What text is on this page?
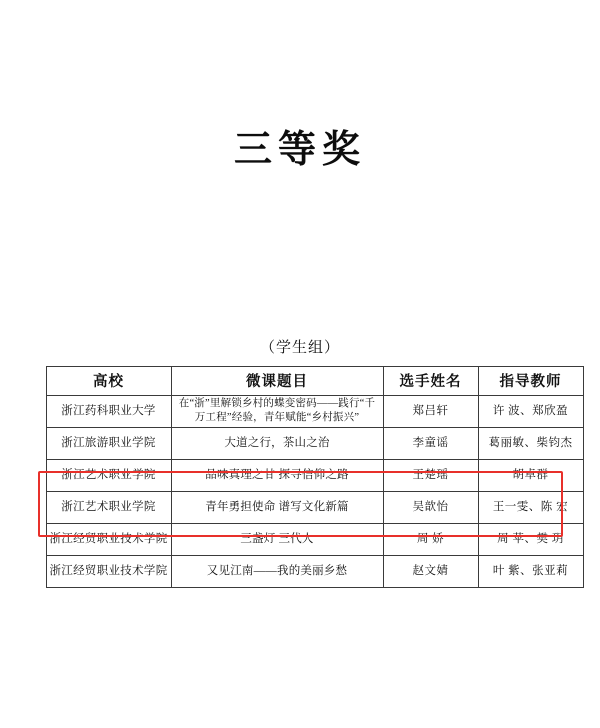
三等奖
（学生组）
高校	微课题目	选手姓名	指导教师
浙江药科职业大学	在“浙”里解锁乡村的蝶变密码——践行“千
万工程”经验，青年赋能“乡村振兴”	郑吕轩	许 波、郑欣盈
浙江旅游职业学院	大道之行，茶山之治	李童谣	葛丽敏、柴钧杰
浙江艺术职业学院	品味真理之甘 探寻信仰之路	王楚瑶	胡卓群
浙江艺术职业学院	青年勇担使命 谱写文化新篇	吴歆怡	王一雯、陈 宏
浙江经贸职业技术学院	三盏灯 三代人	周 娇	周 苹、樊 玥
浙江经贸职业技术学院	又见江南——我的美丽乡愁	赵文婧	叶 紫、张亚莉
